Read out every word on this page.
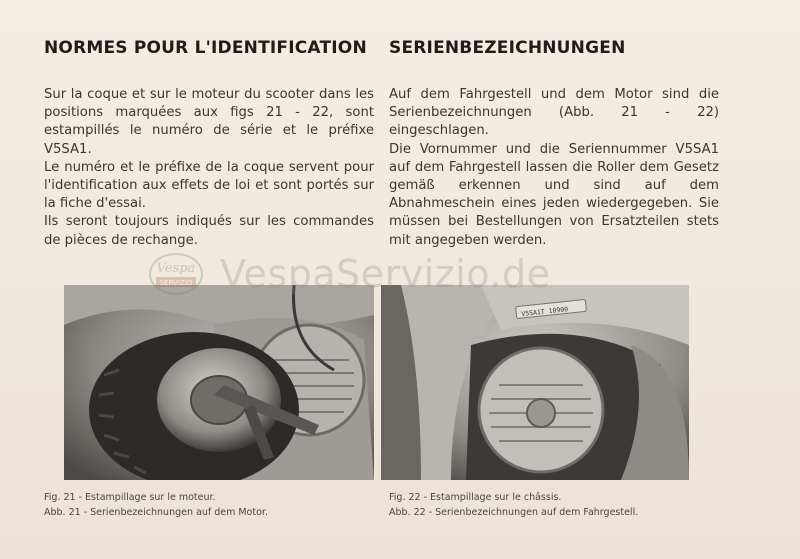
NORMES POUR L'IDENTIFICATION

Sur la coque et sur le moteur du scooter dans les positions marquées aux figs 21 - 22, sont estampillés le numéro de série et le préfixe V5SA1.

Le numéro et le préfixe de la coque servent pour l'identification aux effets de loi et sont portés sur la fiche d'essai.

Ils seront toujours indiqués sur les commandes de pièces de rechange.

SERIENBEZEICHNUNGEN

Auf dem Fahrgestell und dem Motor sind die Serienbezeichnungen (Abb. 21 - 22) eingeschlagen.

Die Vornummer und die Seriennummer V5SA1 auf dem Fahrgestell lassen die Roller dem Gesetz gemäß erkennen und sind auf dem Abnahmeschein eines jeden wiedergegeben. Sie müssen bei Bestellungen von Ersatzteilen stets mit angegeben werden.

V5SA1T 10900
Vespa
SERVIZIO VespaServizio.de

Fig. 21 - Estampillage sur le moteur.

Abb. 21 - Serienbezeichnungen auf dem Motor.

Fig. 22 - Estampillage sur le châssis.

Abb. 22 - Serienbezeichnungen auf dem Fahrgestell.
